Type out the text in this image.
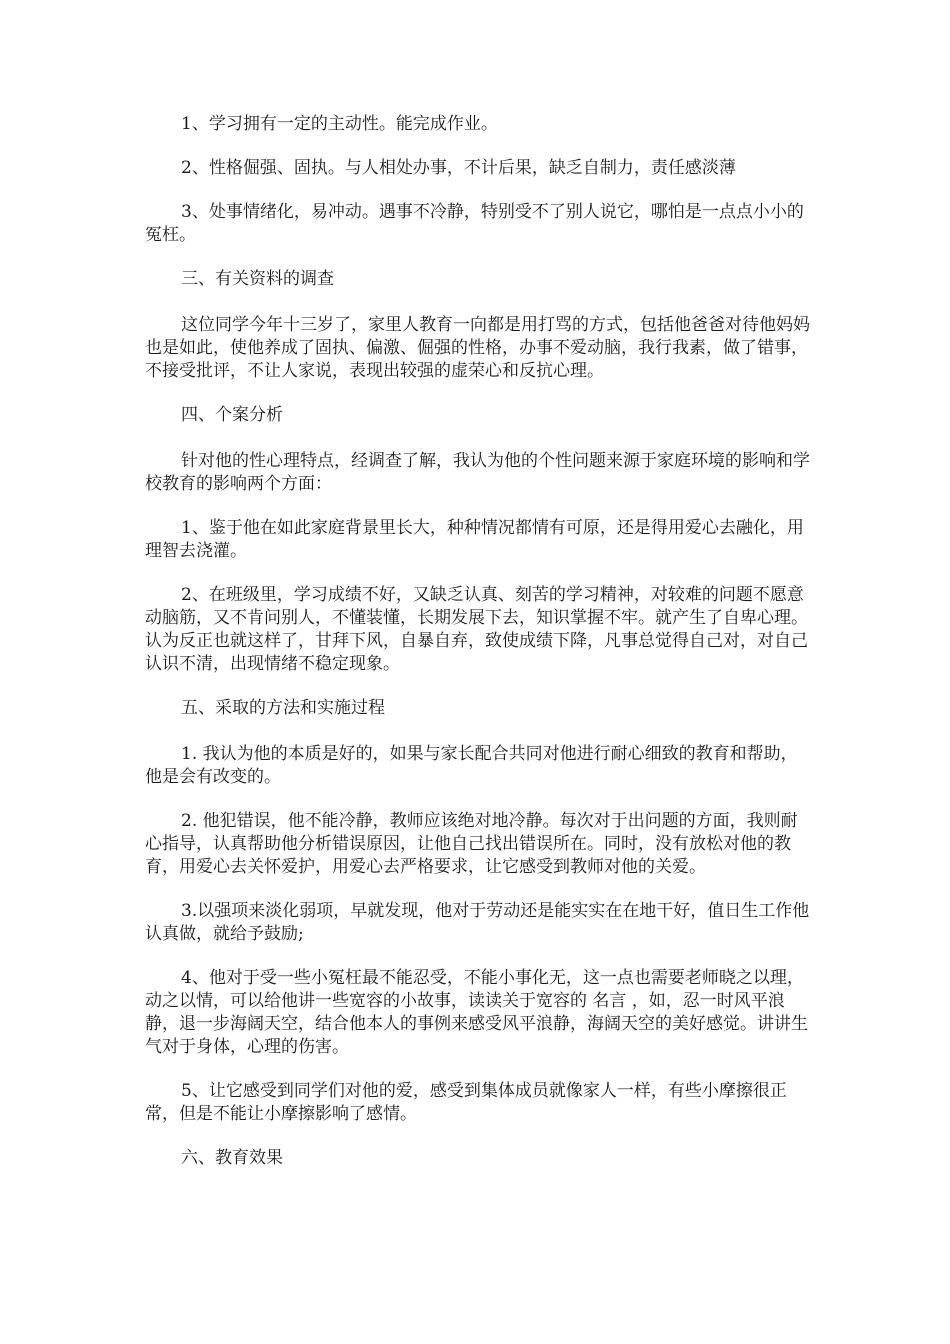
1、学习拥有一定的主动性。能完成作业。

2、性格倔强、固执。与人相处办事，不计后果，缺乏自制力，责任感淡薄

3、处事情绪化，易冲动。遇事不冷静，特别受不了别人说它，哪怕是一点点小小的冤枉。

三、有关资料的调查

这位同学今年十三岁了，家里人教育一向都是用打骂的方式，包括他爸爸对待他妈妈也是如此，使他养成了固执、偏激、倔强的性格，办事不爱动脑，我行我素，做了错事，不接受批评，不让人家说，表现出较强的虚荣心和反抗心理。

四、个案分析

针对他的性心理特点，经调查了解，我认为他的个性问题来源于家庭环境的影响和学校教育的影响两个方面：

1、鉴于他在如此家庭背景里长大，种种情况都情有可原，还是得用爱心去融化，用理智去浇灌。

2、在班级里，学习成绩不好，又缺乏认真、刻苦的学习精神，对较难的问题不愿意动脑筋，又不肯问别人，不懂装懂，长期发展下去，知识掌握不牢。就产生了自卑心理。认为反正也就这样了，甘拜下风，自暴自弃，致使成绩下降，凡事总觉得自己对，对自己认识不清，出现情绪不稳定现象。

五、采取的方法和实施过程

1. 我认为他的本质是好的，如果与家长配合共同对他进行耐心细致的教育和帮助，他是会有改变的。

2. 他犯错误，他不能冷静，教师应该绝对地冷静。每次对于出问题的方面，我则耐心指导，认真帮助他分析错误原因，让他自己找出错误所在。同时，没有放松对他的教育，用爱心去关怀爱护，用爱心去严格要求，让它感受到教师对他的关爱。

3.以强项来淡化弱项，早就发现，他对于劳动还是能实实在在地干好，值日生工作他认真做，就给予鼓励;

4、他对于受一些小冤枉最不能忍受，不能小事化无，这一点也需要老师晓之以理，动之以情，可以给他讲一些宽容的小故事，读读关于宽容的 名言 ，如，忍一时风平浪静，退一步海阔天空，结合他本人的事例来感受风平浪静，海阔天空的美好感觉。讲讲生气对于身体，心理的伤害。

5、让它感受到同学们对他的爱，感受到集体成员就像家人一样，有些小摩擦很正常，但是不能让小摩擦影响了感情。

六、教育效果
